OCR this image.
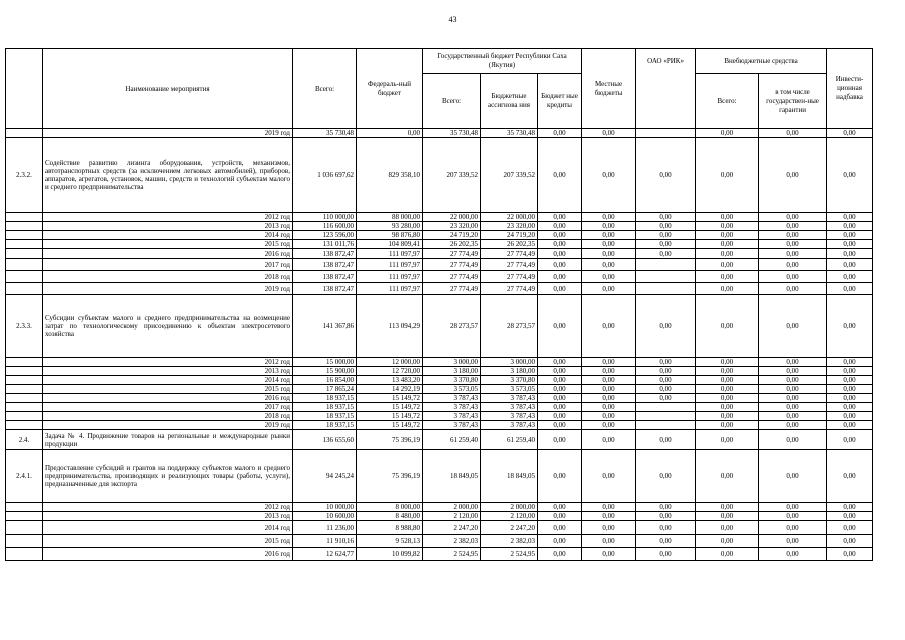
43
	Наименование мероприятия	Всего:	Федераль-ный бюджет	Государственный бюджет Республики Саха (Якутия)			Местные бюджеты	ОАО «РИК»	Внебюджетные средства		Инвести-ционная надбавка
				Всего:	Бюджетные ассигнова ния	Бюджет ные кредиты			Всего:	в том числе государствен-ные гарантии	
	2019 год	35 730,48	0,00	35 730,48	35 730,48	0,00	0,00		0,00	0,00	0,00
2.3.2.	Содействие развитию лизинга оборудования, устройств, механизмов, автотранспортных средств (за исключением легковых автомобилей), приборов, аппаратов, агрегатов, установок, машин, средств и технологий субъектам малого и среднего предпринимательства	1 036 697,62	829 358,10	207 339,52	207 339,52	0,00	0,00	0,00	0,00	0,00	0,00
	2012 год	110 000,00	88 000,00	22 000,00	22 000,00	0,00	0,00	0,00	0,00	0,00	0,00
	2013 год	116 600,00	93 280,00	23 320,00	23 320,00	0,00	0,00	0,00	0,00	0,00	0,00
	2014 год	123 596,00	98 876,80	24 719,20	24 719,20	0,00	0,00	0,00	0,00	0,00	0,00
	2015 год	131 011,76	104 809,41	26 202,35	26 202,35	0,00	0,00	0,00	0,00	0,00	0,00
	2016 год	138 872,47	111 097,97	27 774,49	27 774,49	0,00	0,00	0,00	0,00	0,00	0,00
	2017 год	138 872,47	111 097,97	27 774,49	27 774,49	0,00	0,00		0,00	0,00	0,00
	2018 год	138 872,47	111 097,97	27 774,49	27 774,49	0,00	0,00		0,00	0,00	0,00
	2019 год	138 872,47	111 097,97	27 774,49	27 774,49	0,00	0,00		0,00	0,00	0,00
2.3.3.	Субсидии субъектам малого и среднего предпринимательства на возмещение затрат по технологическому присоединению к объектам электросетевого хозяйства	141 367,86	113 094,29	28 273,57	28 273,57	0,00	0,00	0,00	0,00	0,00	0,00
	2012 год	15 000,00	12 000,00	3 000,00	3 000,00	0,00	0,00	0,00	0,00	0,00	0,00
	2013 год	15 900,00	12 720,00	3 180,00	3 180,00	0,00	0,00	0,00	0,00	0,00	0,00
	2014 год	16 854,00	13 483,20	3 370,80	3 370,80	0,00	0,00	0,00	0,00	0,00	0,00
	2015 год	17 865,24	14 292,19	3 573,05	3 573,05	0,00	0,00	0,00	0,00	0,00	0,00
	2016 год	18 937,15	15 149,72	3 787,43	3 787,43	0,00	0,00	0,00	0,00	0,00	0,00
	2017 год	18 937,15	15 149,72	3 787,43	3 787,43	0,00	0,00		0,00	0,00	0,00
	2018 год	18 937,15	15 149,72	3 787,43	3 787,43	0,00	0,00		0,00	0,00	0,00
	2019 год	18 937,15	15 149,72	3 787,43	3 787,43	0,00	0,00		0,00	0,00	0,00
2.4.	Задача № 4. Продвижение товаров на региональные и международные рынки продукции	136 655,60	75 396,19	61 259,40	61 259,40	0,00	0,00	0,00	0,00	0,00	0,00
2.4.1.	Предоставление субсидий и грантов на поддержку субъектов малого и среднего предпринимательства, производящих и реализующих товары (работы, услуги), предназначенные для экспорта	94 245,24	75 396,19	18 849,05	18 849,05	0,00	0,00	0,00	0,00	0,00	0,00
	2012 год	10 000,00	8 000,00	2 000,00	2 000,00	0,00	0,00	0,00	0,00	0,00	0,00
	2013 год	10 600,00	8 480,00	2 120,00	2 120,00	0,00	0,00	0,00	0,00	0,00	0,00
	2014 год	11 236,00	8 988,80	2 247,20	2 247,20	0,00	0,00	0,00	0,00	0,00	0,00
	2015 год	11 910,16	9 528,13	2 382,03	2 382,03	0,00	0,00	0,00	0,00	0,00	0,00
	2016 год	12 624,77	10 099,82	2 524,95	2 524,95	0,00	0,00	0,00	0,00	0,00	0,00
